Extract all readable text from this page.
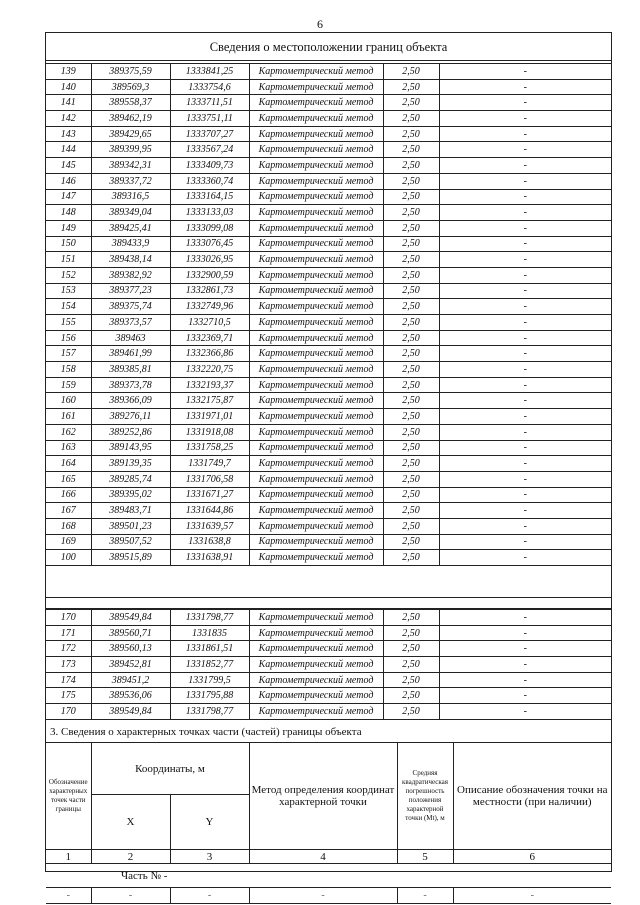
6
Сведения о местоположении границ объекта
139	389375,59	1333841,25	Картометрический метод	2,50	-
140	389569,3	1333754,6	Картометрический метод	2,50	-
141	389558,37	1333711,51	Картометрический метод	2,50	-
142	389462,19	1333751,11	Картометрический метод	2,50	-
143	389429,65	1333707,27	Картометрический метод	2,50	-
144	389399,95	1333567,24	Картометрический метод	2,50	-
145	389342,31	1333409,73	Картометрический метод	2,50	-
146	389337,72	1333360,74	Картометрический метод	2,50	-
147	389316,5	1333164,15	Картометрический метод	2,50	-
148	389349,04	1333133,03	Картометрический метод	2,50	-
149	389425,41	1333099,08	Картометрический метод	2,50	-
150	389433,9	1333076,45	Картометрический метод	2,50	-
151	389438,14	1333026,95	Картометрический метод	2,50	-
152	389382,92	1332900,59	Картометрический метод	2,50	-
153	389377,23	1332861,73	Картометрический метод	2,50	-
154	389375,74	1332749,96	Картометрический метод	2,50	-
155	389373,57	1332710,5	Картометрический метод	2,50	-
156	389463	1332369,71	Картометрический метод	2,50	-
157	389461,99	1332366,86	Картометрический метод	2,50	-
158	389385,81	1332220,75	Картометрический метод	2,50	-
159	389373,78	1332193,37	Картометрический метод	2,50	-
160	389366,09	1332175,87	Картометрический метод	2,50	-
161	389276,11	1331971,01	Картометрический метод	2,50	-
162	389252,86	1331918,08	Картометрический метод	2,50	-
163	389143,95	1331758,25	Картометрический метод	2,50	-
164	389139,35	1331749,7	Картометрический метод	2,50	-
165	389285,74	1331706,58	Картометрический метод	2,50	-
166	389395,02	1331671,27	Картометрический метод	2,50	-
167	389483,71	1331644,86	Картометрический метод	2,50	-
168	389501,23	1331639,57	Картометрический метод	2,50	-
169	389507,52	1331638,8	Картометрический метод	2,50	-
100	389515,89	1331638,91	Картометрический метод	2,50	-
170	389549,84	1331798,77	Картометрический метод	2,50	-
171	389560,71	1331835	Картометрический метод	2,50	-
172	389560,13	1331861,51	Картометрический метод	2,50	-
173	389452,81	1331852,77	Картометрический метод	2,50	-
174	389451,2	1331799,5	Картометрический метод	2,50	-
175	389536,06	1331795,88	Картометрический метод	2,50	-
170	389549,84	1331798,77	Картометрический метод	2,50	-
3. Сведения о характерных точках части (частей) границы объекта
Обозначение характерных точек части границы	Координаты, м		Метод определения координат характерной точки	Средняя квадратическая погрешность положения характерной точки (Mt), м	Описание обозначения точки на местности (при наличии)
	X	Y			
1	2	3	4	5	6
Часть № -					
-	-	-	-	-	-
